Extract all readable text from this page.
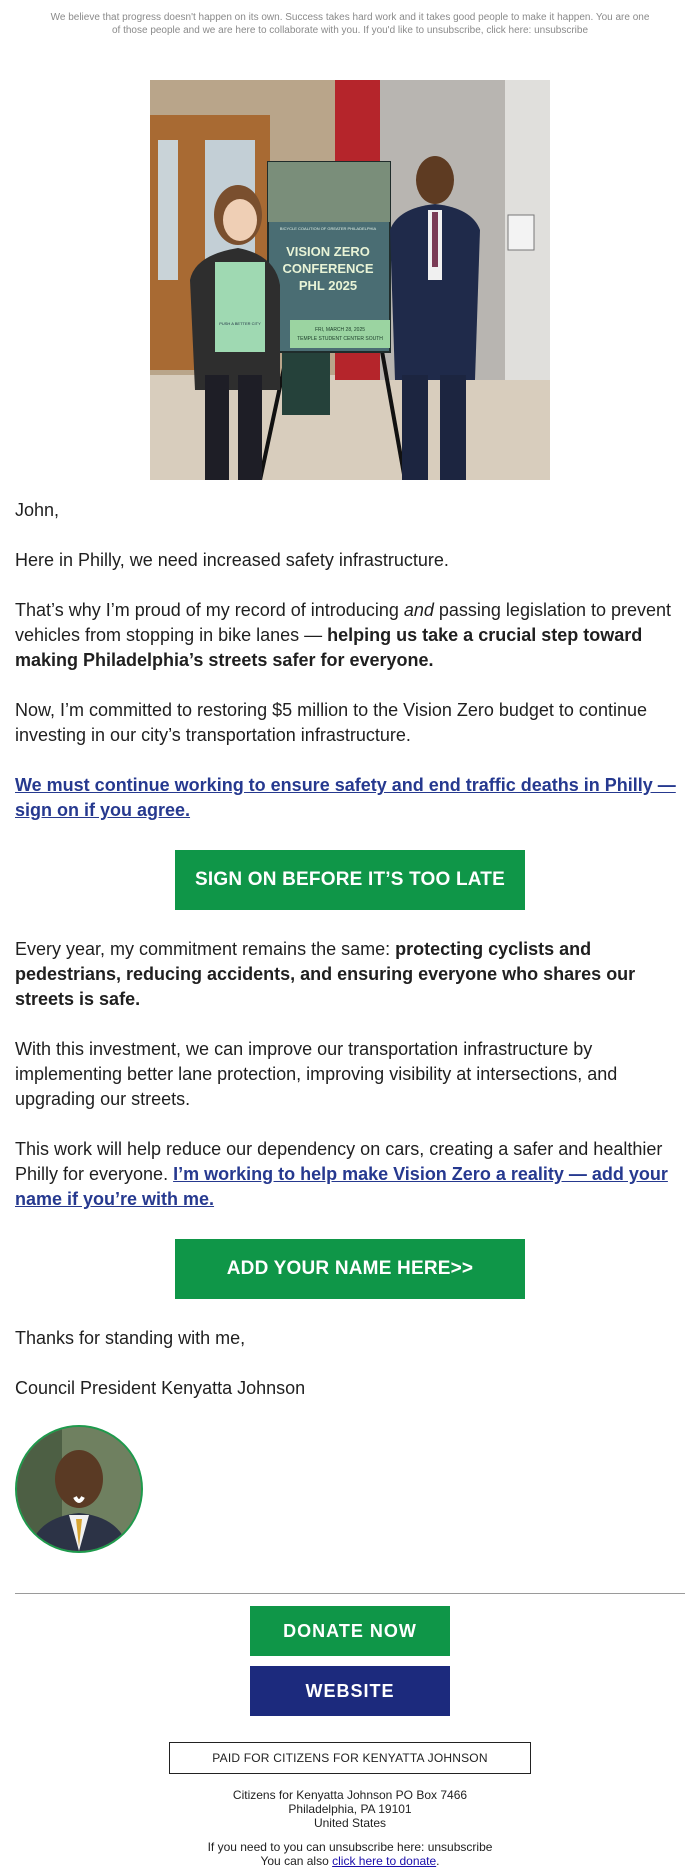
We believe that progress doesn't happen on its own. Success takes hard work and it takes good people to make it happen. You are one of those people and we are here to collaborate with you. If you'd like to unsubscribe, click here: unsubscribe
VISION ZERO
CONFERENCE
PHL 2025
FRI, MARCH 28, 2025
TEMPLE STUDENT CENTER SOUTH
BICYCLE COALITION OF GREATER PHILADELPHIA
PUSH A BETTER CITY

John,

Here in Philly, we need increased safety infrastructure.

That’s why I’m proud of my record of introducing and passing legislation to prevent vehicles from stopping in bike lanes — helping us take a crucial step toward making Philadelphia’s streets safer for everyone.

Now, I’m committed to restoring $5 million to the Vision Zero budget to continue investing in our city’s transportation infrastructure.

We must continue working to ensure safety and end traffic deaths in Philly — sign on if you agree.

SIGN ON BEFORE IT’S TOO LATE

Every year, my commitment remains the same: protecting cyclists and pedestrians, reducing accidents, and ensuring everyone who shares our streets is safe.

With this investment, we can improve our transportation infrastructure by implementing better lane protection, improving visibility at intersections, and upgrading our streets.

This work will help reduce our dependency on cars, creating a safer and healthier Philly for everyone. I’m working to help make Vision Zero a reality — add your name if you’re with me.

ADD YOUR NAME HERE>>

Thanks for standing with me,

Council President Kenyatta Johnson

DONATE NOW
WEBSITE
PAID FOR CITIZENS FOR KENYATTA JOHNSON
Citizens for Kenyatta Johnson PO Box 7466
Philadelphia, PA 19101
United States
If you need to you can unsubscribe here: unsubscribe
You can also click here to donate.
